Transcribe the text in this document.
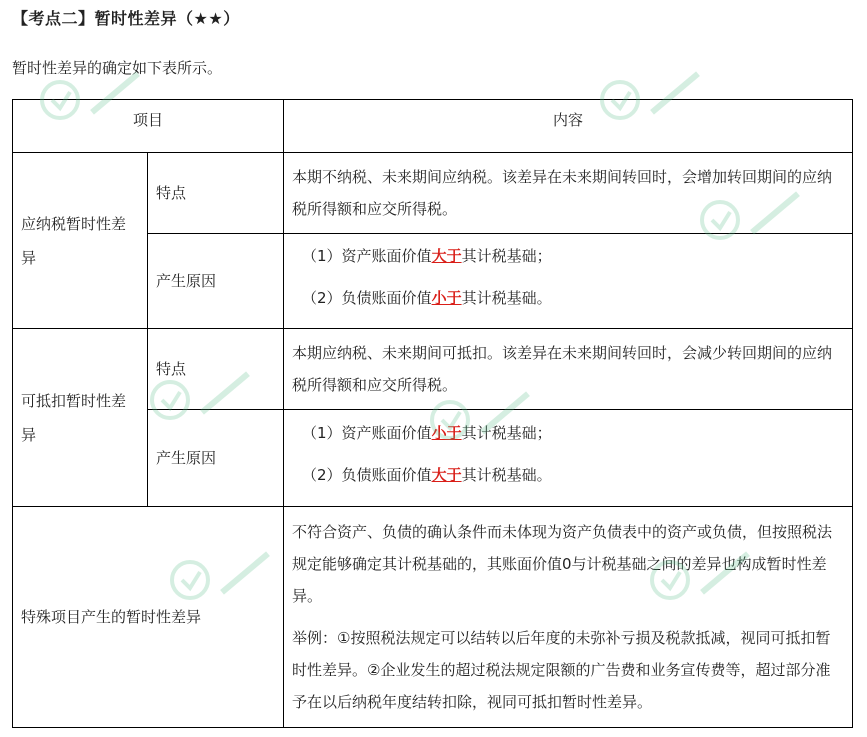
【考点二】暂时性差异（★★）
暂时性差异的确定如下表所示。
项目		内容
应纳税暂时性差异	特点	本期不纳税、未来期间应纳税。该差异在未来期间转回时，会增加转回期间的应纳税所得额和应交所得税。
	产生原因	（1）资产账面价值大于其计税基础；

（2）负债账面价值小于其计税基础。

可抵扣暂时性差异	特点	本期应纳税、未来期间可抵扣。该差异在未来期间转回时，会减少转回期间的应纳税所得额和应交所得税。
	产生原因	（1）资产账面价值小于其计税基础；

（2）负债账面价值大于其计税基础。

特殊项目产生的暂时性差异		不符合资产、负债的确认条件而未体现为资产负债表中的资产或负债，但按照税法规定能够确定其计税基础的，其账面价值0与计税基础之间的差异也构成暂时性差异。

举例：①按照税法规定可以结转以后年度的未弥补亏损及税款抵减，视同可抵扣暂时性差异。②企业发生的超过税法规定限额的广告费和业务宣传费等，超过部分准予在以后纳税年度结转扣除，视同可抵扣暂时性差异。
